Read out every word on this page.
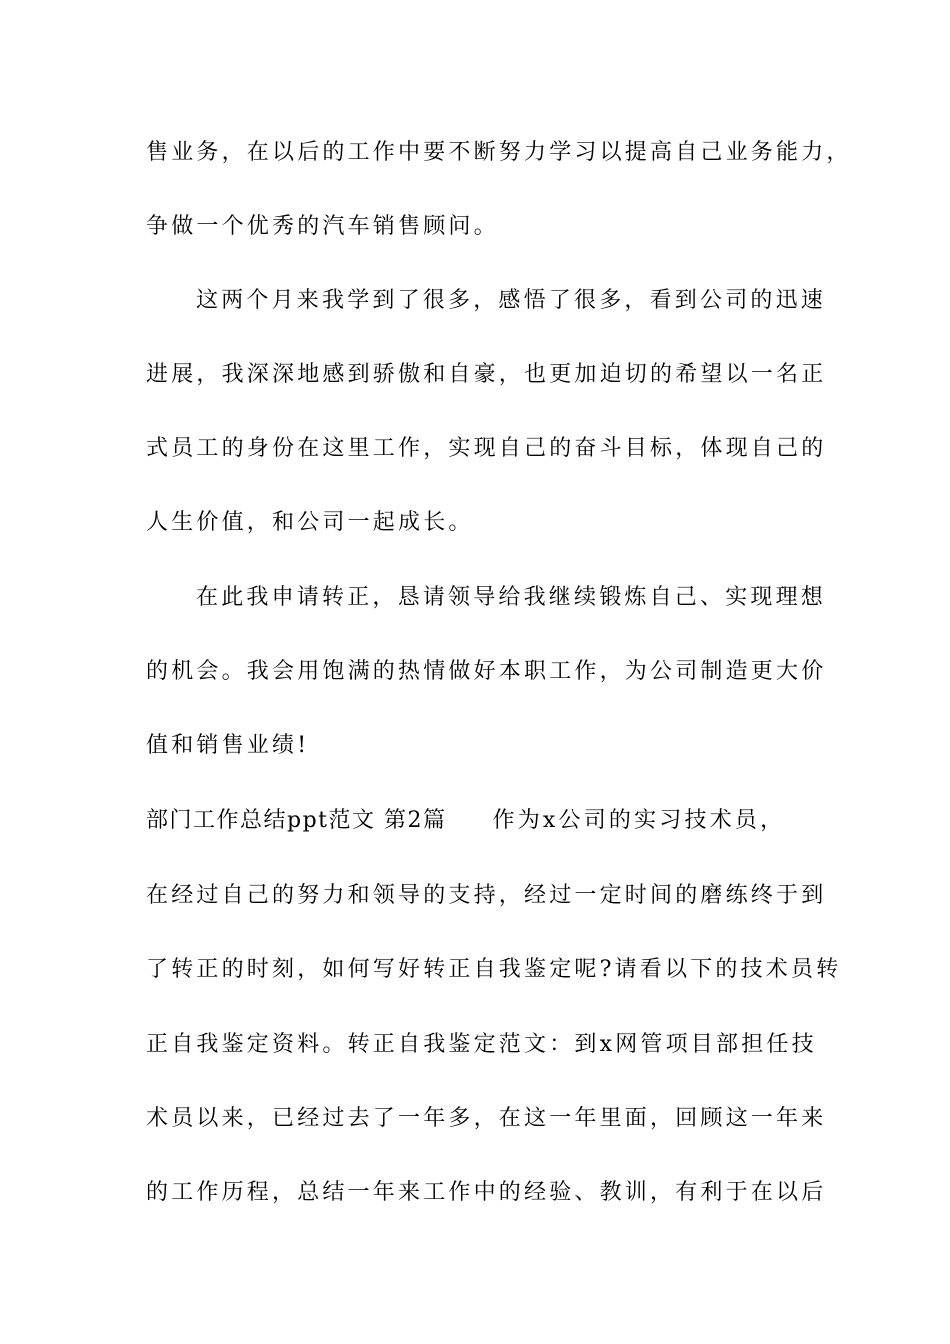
售业务，在以后的工作中要不断努力学习以提高自己业务能力，
争做一个优秀的汽车销售顾问。
这两个月来我学到了很多，感悟了很多，看到公司的迅速
进展，我深深地感到骄傲和自豪，也更加迫切的希望以一名正
式员工的身份在这里工作，实现自己的奋斗目标，体现自己的
人生价值，和公司一起成长。
在此我申请转正，恳请领导给我继续锻炼自己、实现理想
的机会。我会用饱满的热情做好本职工作，为公司制造更大价
值和销售业绩!
部门工作总结ppt范文 第2篇 作为x公司的实习技术员，
在经过自己的努力和领导的支持，经过一定时间的磨练终于到
了转正的时刻，如何写好转正自我鉴定呢?请看以下的技术员转
正自我鉴定资料。转正自我鉴定范文：到x网管项目部担任技
术员以来，已经过去了一年多，在这一年里面，回顾这一年来
的工作历程，总结一年来工作中的经验、教训，有利于在以后
